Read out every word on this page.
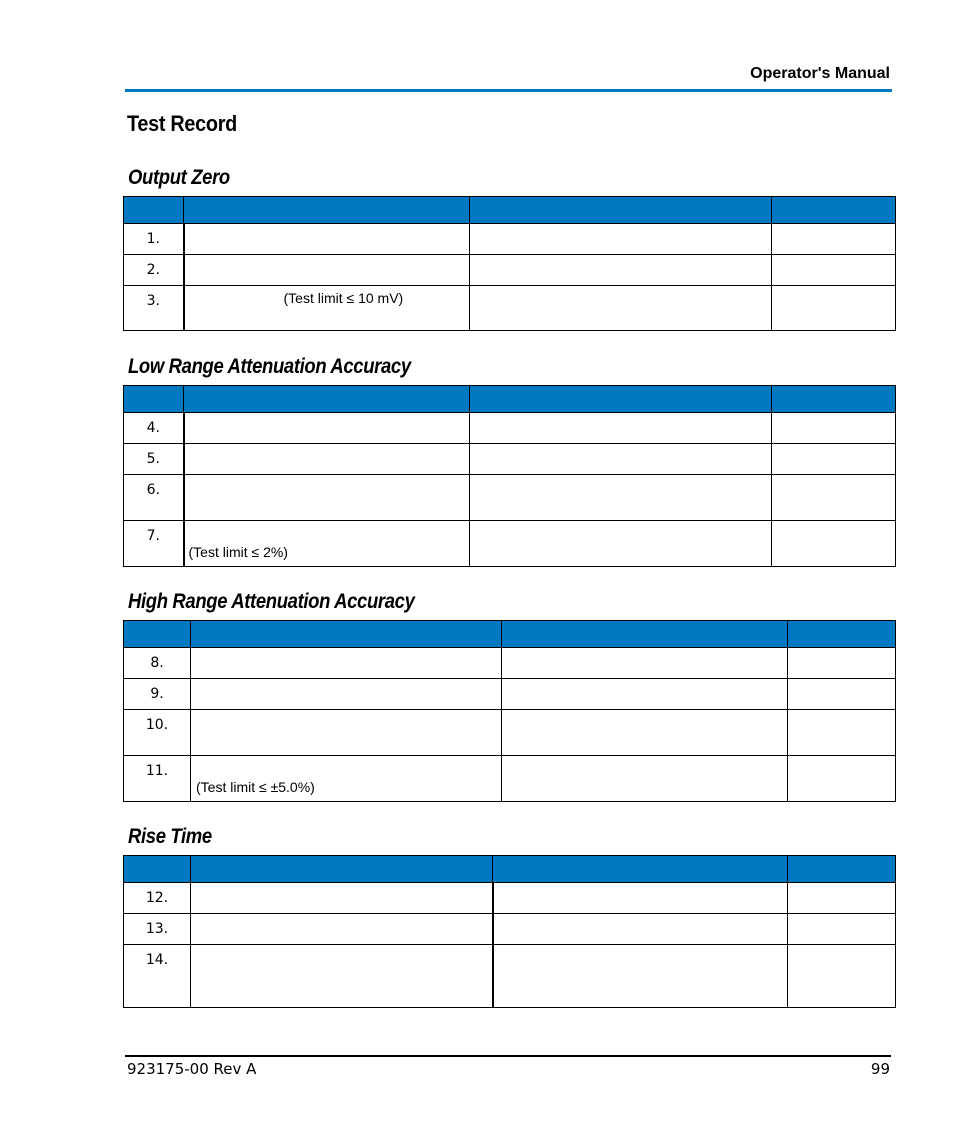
Operator's Manual
Test Record
Output Zero

1.			
2.			
3.	(Test limit ≤ 10 mV)		

Low Range Attenuation Accuracy

4.			
5.			
6.			
7.	(Test limit ≤ 2%)		

High Range Attenuation Accuracy

8.			
9.			
10.			
11.	(Test limit ≤ ±5.0%)		

Rise Time

12.			
13.			
14.			
923175-00 Rev A	99
